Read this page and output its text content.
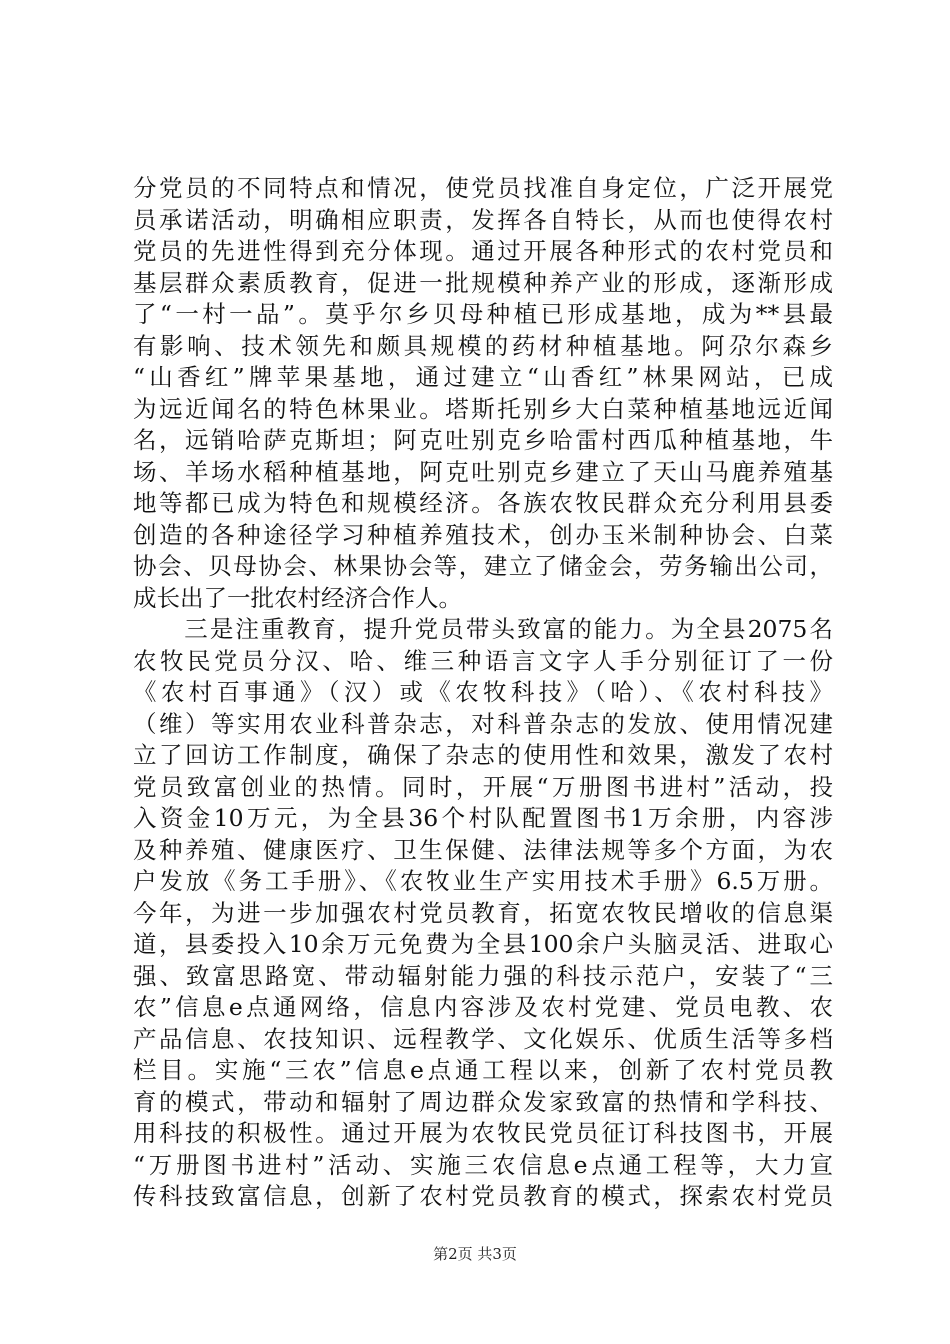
分党员的不同特点和情况，使党员找准自身定位，广泛开展党
员承诺活动，明确相应职责，发挥各自特长，从而也使得农村
党员的先进性得到充分体现。通过开展各种形式的农村党员和
基层群众素质教育，促进一批规模种养产业的形成，逐渐形成
了“一村一品”。莫乎尔乡贝母种植已形成基地，成为**县最
有影响、技术领先和颇具规模的药材种植基地。阿尕尔森乡
“山香红”牌苹果基地，通过建立“山香红”林果网站，已成
为远近闻名的特色林果业。塔斯托别乡大白菜种植基地远近闻
名，远销哈萨克斯坦；阿克吐别克乡哈雷村西瓜种植基地，牛
场、羊场水稻种植基地，阿克吐别克乡建立了天山马鹿养殖基
地等都已成为特色和规模经济。各族农牧民群众充分利用县委
创造的各种途径学习种植养殖技术，创办玉米制种协会、白菜
协会、贝母协会、林果协会等，建立了储金会，劳务输出公司，
成长出了一批农村经济合作人。
　　三是注重教育，提升党员带头致富的能力。为全县2075名
农牧民党员分汉、哈、维三种语言文字人手分别征订了一份
《农村百事通》（汉）或《农牧科技》（哈）、《农村科技》
（维）等实用农业科普杂志，对科普杂志的发放、使用情况建
立了回访工作制度，确保了杂志的使用性和效果，激发了农村
党员致富创业的热情。同时，开展“万册图书进村”活动，投
入资金10万元，为全县36个村队配置图书1万余册，内容涉
及种养殖、健康医疗、卫生保健、法律法规等多个方面，为农
户发放《务工手册》、《农牧业生产实用技术手册》6.5万册。
今年，为进一步加强农村党员教育，拓宽农牧民增收的信息渠
道，县委投入10余万元免费为全县100余户头脑灵活、进取心
强、致富思路宽、带动辐射能力强的科技示范户，安装了“三
农”信息e点通网络，信息内容涉及农村党建、党员电教、农
产品信息、农技知识、远程教学、文化娱乐、优质生活等多档
栏目。实施“三农”信息e点通工程以来，创新了农村党员教
育的模式，带动和辐射了周边群众发家致富的热情和学科技、
用科技的积极性。通过开展为农牧民党员征订科技图书，开展
“万册图书进村”活动、实施三农信息e点通工程等，大力宣
传科技致富信息，创新了农村党员教育的模式，探索农村党员
第2页 共3页
